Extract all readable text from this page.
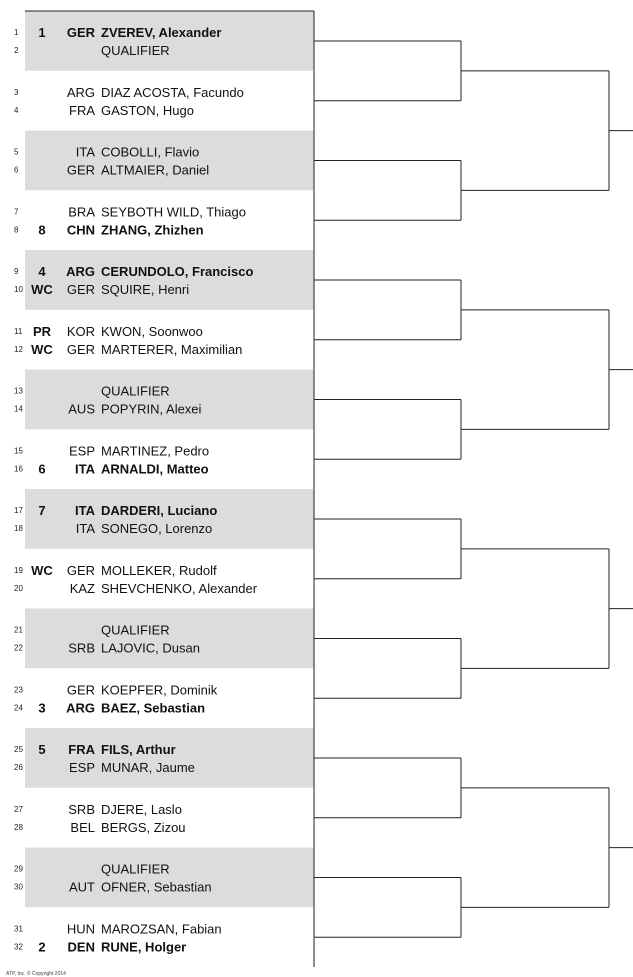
1 1 GER ZVEREV, Alexander
2	QUALIFIER
3	ARG DIAZ ACOSTA, Facundo
4	FRA GASTON, Hugo
5	ITA COBOLLI, Flavio
6	GER ALTMAIER, Daniel
7	BRA SEYBOTH WILD, Thiago
8 8 CHN ZHANG, Zhizhen
9 4 ARG CERUNDOLO, Francisco
10 WC GER SQUIRE, Henri
11 PR KOR KWON, Soonwoo
12 WC GER MARTERER, Maximilian
13	QUALIFIER
14	AUS POPYRIN, Alexei
15	ESP MARTINEZ, Pedro
16 6 ITA ARNALDI, Matteo
17 7 ITA DARDERI, Luciano
18	ITA SONEGO, Lorenzo
19 WC GER MOLLEKER, Rudolf
20	KAZ SHEVCHENKO, Alexander
21	QUALIFIER
22	SRB LAJOVIC, Dusan
23	GER KOEPFER, Dominik
24 3 ARG BAEZ, Sebastian
25 5 FRA FILS, Arthur
26	ESP MUNAR, Jaume
27	SRB DJERE, Laslo
28	BEL BERGS, Zizou
29	QUALIFIER
30	AUT OFNER, Sebastian
31	HUN MAROZSAN, Fabian
32 2 DEN RUNE, Holger
ATP, Inc. © Copyright 2014
